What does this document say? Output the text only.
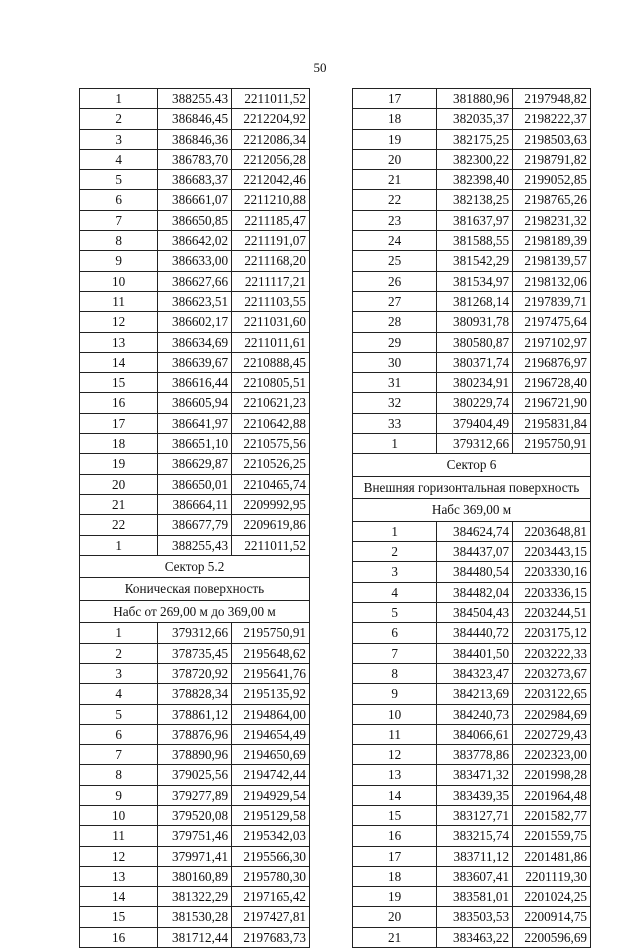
50
1	388255.43	2211011,52
2	386846,45	2212204,92
3	386846,36	2212086,34
4	386783,70	2212056,28
5	386683,37	2212042,46
6	386661,07	2211210,88
7	386650,85	2211185,47
8	386642,02	2211191,07
9	386633,00	2211168,20
10	386627,66	2211117,21
11	386623,51	2211103,55
12	386602,17	2211031,60
13	386634,69	2211011,61
14	386639,67	2210888,45
15	386616,44	2210805,51
16	386605,94	2210621,23
17	386641,97	2210642,88
18	386651,10	2210575,56
19	386629,87	2210526,25
20	386650,01	2210465,74
21	386664,11	2209992,95
22	386677,79	2209619,86
1	388255,43	2211011,52
Сектор 5.2		
Коническая поверхность		
Набс от 269,00 м до 369,00 м		
1	379312,66	2195750,91
2	378735,45	2195648,62
3	378720,92	2195641,76
4	378828,34	2195135,92
5	378861,12	2194864,00
6	378876,96	2194654,49
7	378890,96	2194650,69
8	379025,56	2194742,44
9	379277,89	2194929,54
10	379520,08	2195129,58
11	379751,46	2195342,03
12	379971,41	2195566,30
13	380160,89	2195780,30
14	381322,29	2197165,42
15	381530,28	2197427,81
16	381712,44	2197683,73
17	381880,96	2197948,82
18	382035,37	2198222,37
19	382175,25	2198503,63
20	382300,22	2198791,82
21	382398,40	2199052,85
22	382138,25	2198765,26
23	381637,97	2198231,32
24	381588,55	2198189,39
25	381542,29	2198139,57
26	381534,97	2198132,06
27	381268,14	2197839,71
28	380931,78	2197475,64
29	380580,87	2197102,97
30	380371,74	2196876,97
31	380234,91	2196728,40
32	380229,74	2196721,90
33	379404,49	2195831,84
1	379312,66	2195750,91
Сектор 6		
Внешняя горизонтальная поверхность		
Набс 369,00 м		
1	384624,74	2203648,81
2	384437,07	2203443,15
3	384480,54	2203330,16
4	384482,04	2203336,15
5	384504,43	2203244,51
6	384440,72	2203175,12
7	384401,50	2203222,33
8	384323,47	2203273,67
9	384213,69	2203122,65
10	384240,73	2202984,69
11	384066,61	2202729,43
12	383778,86	2202323,00
13	383471,32	2201998,28
14	383439,35	2201964,48
15	383127,71	2201582,77
16	383215,74	2201559,75
17	383711,12	2201481,86
18	383607,41	2201119,30
19	383581,01	2201024,25
20	383503,53	2200914,75
21	383463,22	2200596,69
